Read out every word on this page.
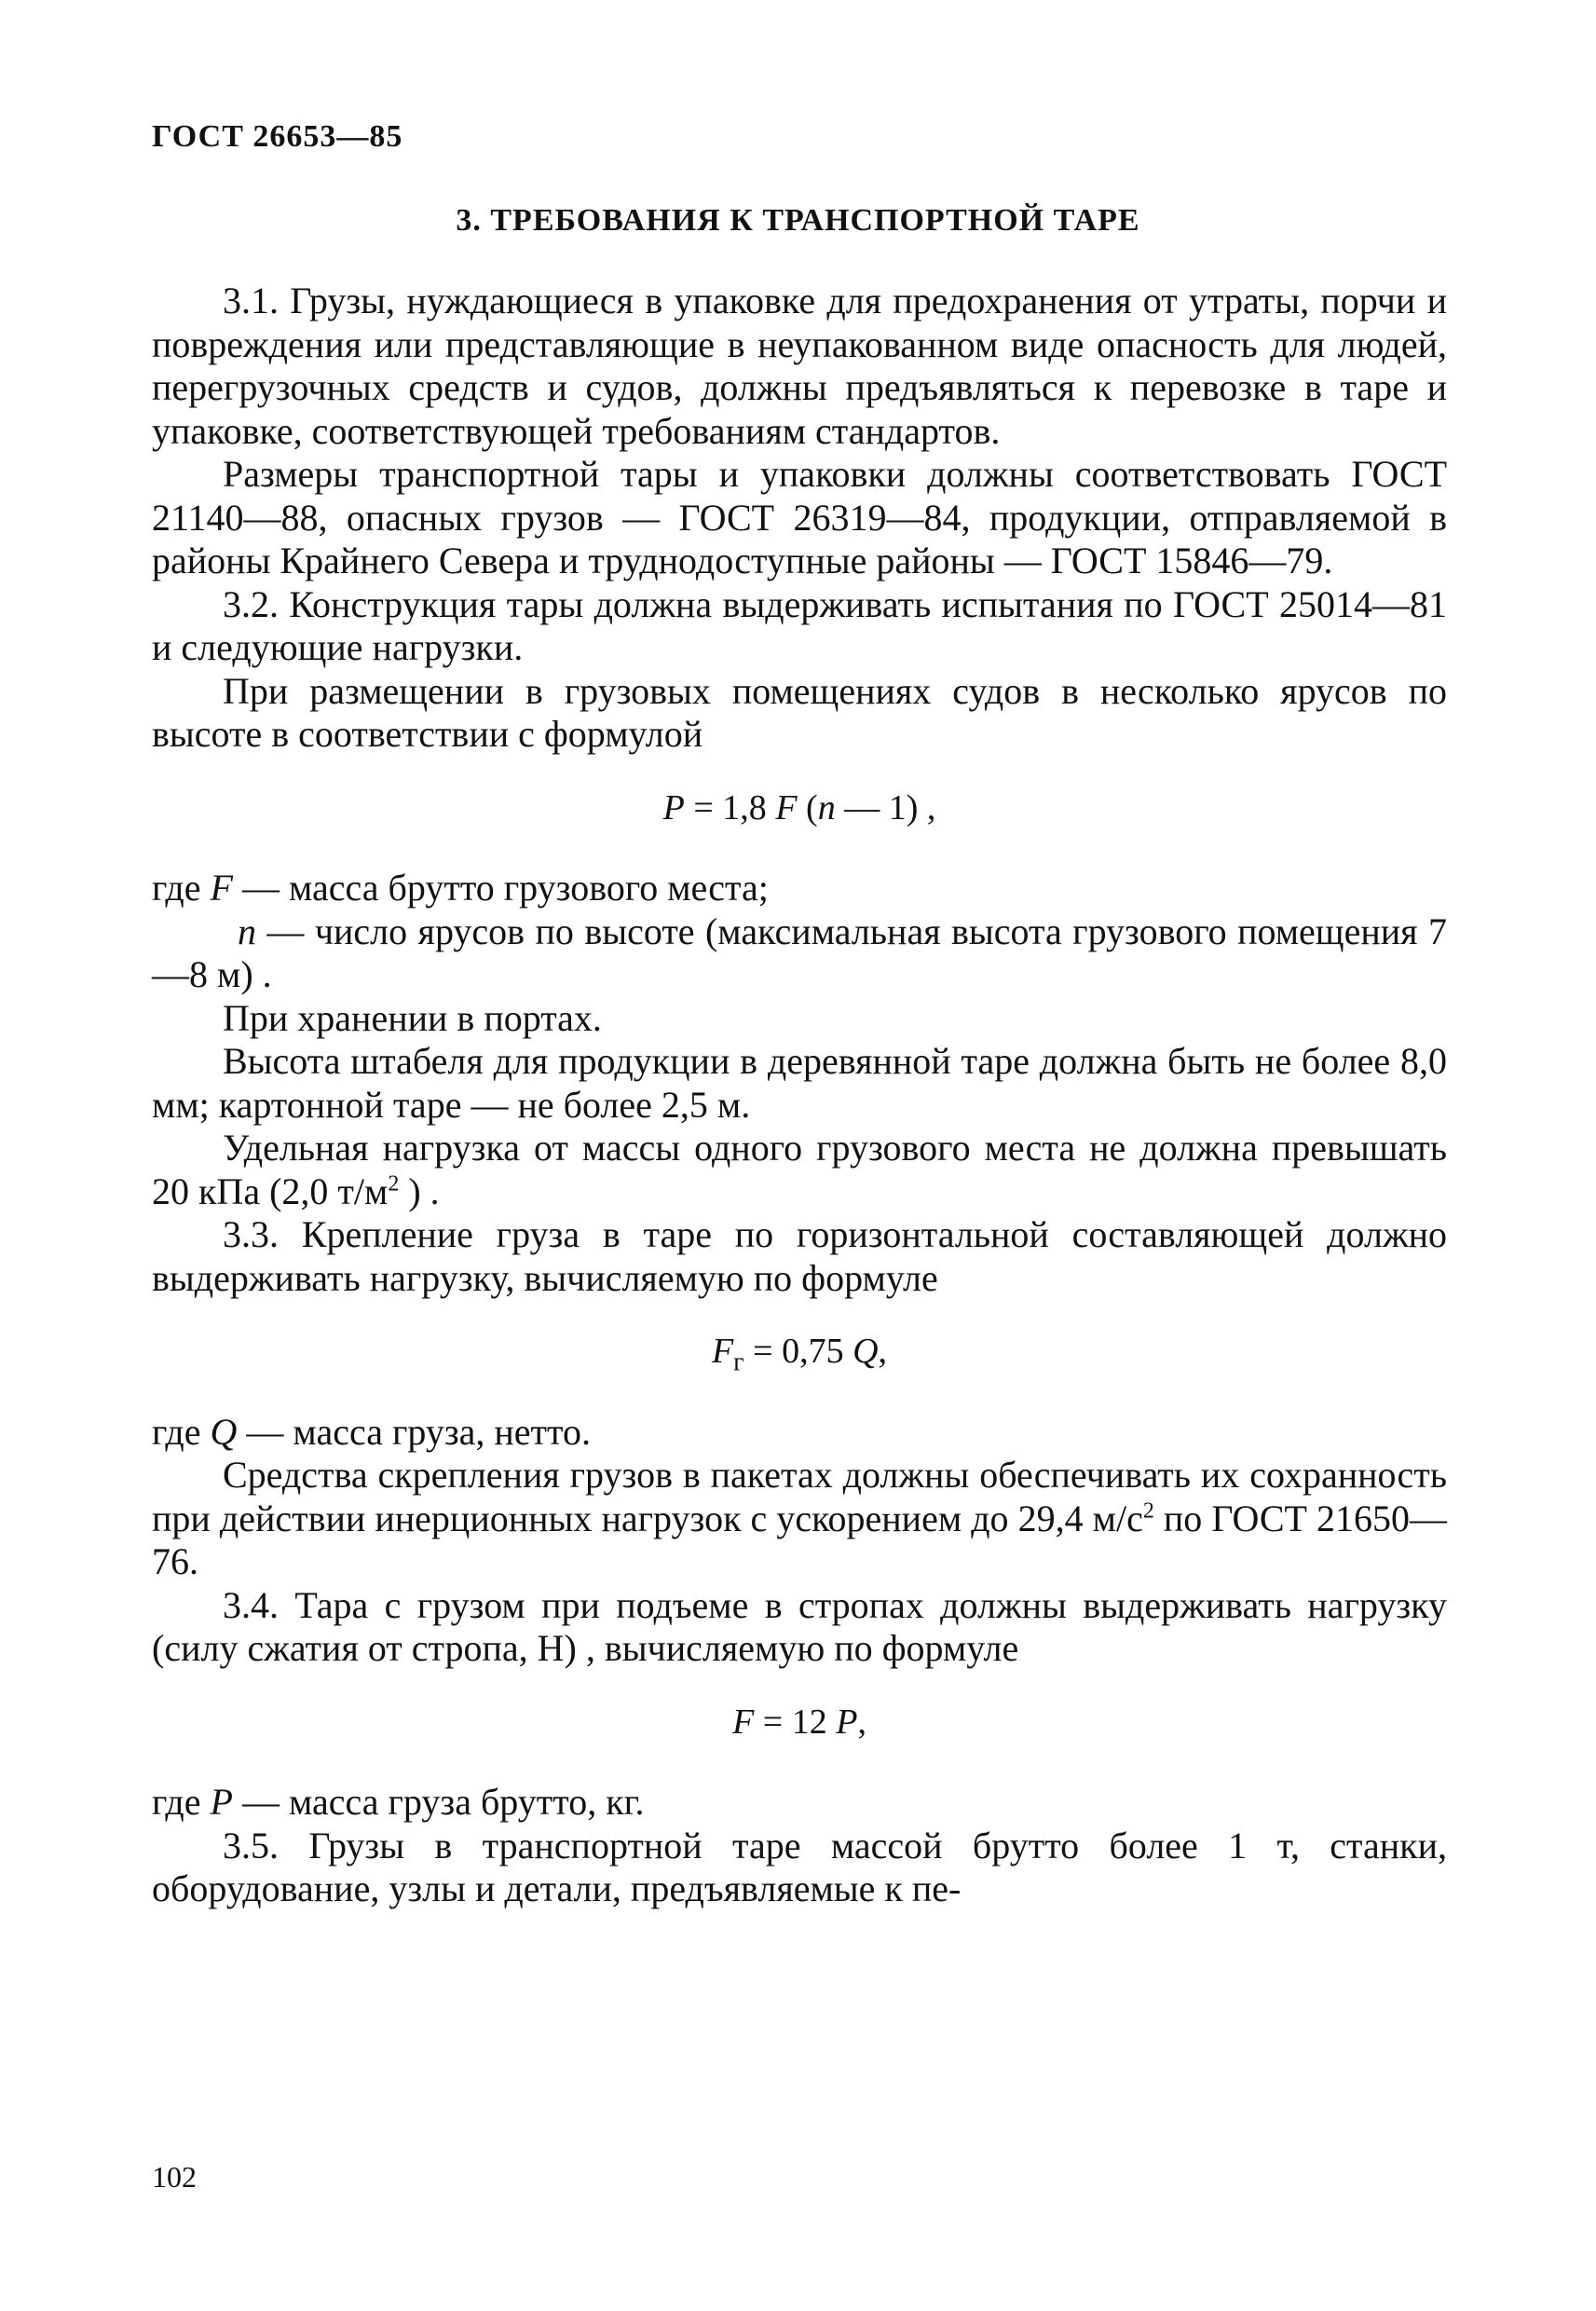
ГОСТ 26653—85
3. ТРЕБОВАНИЯ К ТРАНСПОРТНОЙ ТАРЕ

3.1. Грузы, нуждающиеся в упаковке для предохранения от утраты, порчи и повреждения или представляющие в неупакованном виде опасность для людей, перегрузочных средств и судов, должны предъявляться к перевозке в таре и упаковке, соответствующей требованиям стандартов.

Размеры транспортной тары и упаковки должны соответствовать ГОСТ 21140—88, опасных грузов — ГОСТ 26319—84, продукции, отправляемой в районы Крайнего Севера и труднодоступные районы — ГОСТ 15846—79.

3.2. Конструкция тары должна выдерживать испытания по ГОСТ 25014—81 и следующие нагрузки.

При размещении в грузовых помещениях судов в несколько ярусов по высоте в соответствии с формулой

P = 1,8 F (n — 1) ,

где F — масса брутто грузового места;

n — число ярусов по высоте (максимальная высота грузового помещения 7—8 м) .

При хранении в портах.

Высота штабеля для продукции в деревянной таре должна быть не более 8,0 мм; картонной таре — не более 2,5 м.

Удельная нагрузка от массы одного грузового места не должна превышать 20 кПа (2,0 $т/м^2$ ) .

3.3. Крепление груза в таре по горизонтальной составляющей должно выдерживать нагрузку, вычисляемую по формуле

$F_г = 0,75$ Q,

где Q — масса груза, нетто.

Средства скрепления грузов в пакетах должны обеспечивать их сохранность при действии инерционных нагрузок с ускорением до 29,4 $м/с^2$ по ГОСТ 21650—76.

3.4. Тара с грузом при подъеме в стропах должны выдерживать нагрузку (силу сжатия от стропа, Н) , вычисляемую по формуле

F = 12 P,

где P — масса груза брутто, кг.

3.5. Грузы в транспортной таре массой брутто более 1 т, станки, оборудование, узлы и детали, предъявляемые к пе-

102
